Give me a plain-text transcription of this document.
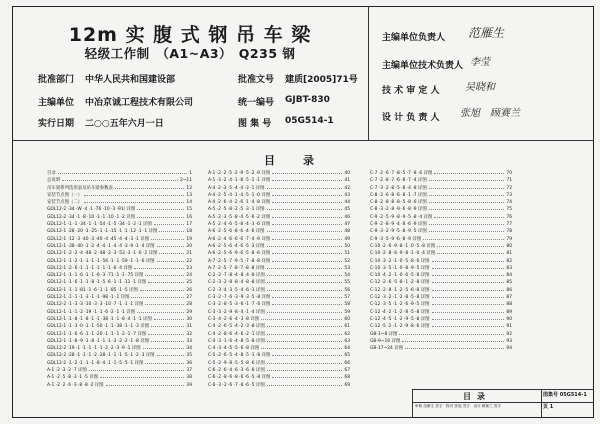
12m 实 腹 式 钢 吊 车 梁
轻级工作制　（A1~A3）　Q235 钢
批准部门 中华人民共和国建设部	批准文号 建质[2005]71号
主编单位 中冶京诚工程技术有限公司	统一编号 GJBT-830
实行日期 二○○五年六月一日	图 集 号 05G514-1
主编单位负责人 范雁生
主编单位技术负责人 李莹
技 术 审 定 人	吴晓和
设 计 负 责 人 张旭　顾赛兰
目录
目录	1
总说明	2~11
吊车梁系列选用表及吊车梁参数表	12
安装节点图（一）	13
安装节点图（二）	14
GDL12-2 ·34 ·W ·4 ·1 ·76 ·10 ·3 ·91/ 详图	15
GDL12-2 ·34 ·1 ·8 ·10 ·1 ·1 ·10 ·1 ·2 详图	16
GDL12-1 ·1 ·1 ·34 ·1 ·1 ·54 ·1 ·5 ·34 ·1 ·2 ·1 详图	17
GDL12-1 ·28 ·20 ·1 ·25 ·1 ·1 ·15 ·1 ·1 ·12 ·1 ·1 详图	18
GDL12-1 ·12 ·3 ·40 ·3 ·40 ·4 ·45 ·4 ·4 ·3 ·1 详图	19
GDL12-1 ·38 ·40 ·1 ·2 ·4 ·4 ·1 ·4 ·4 ·3 ·9 ·1 ·4 详图	20
GDL12-1 ·2 ·2 ·4 ·48 ·2 ·48 ·2 ·3 ·53 ·3 ·1 ·0 ·2 详图	21
GDL12-1 ·1 ·2 ·1 ·1 ·1 ·1 ·56 ·1 ·1 ·59 ·1 ·1 ·6 详图	22
GDL12-1 ·2 ·6 ·1 ·1 ·1 ·1 ·1 ·1 ·6 ·4 详图	23
GDL12-1 ·1 ·1 ·6 ·1 ·1 ·6 ·3 ·71 ·1 ·1 ·75 详图	24
GDL12-1 ·1 ·6 ·1 ·1 ·8 ·1 ·5 ·6 ·1 ·1 ·11 ·1 详图	25
GDL12-1 ·1 ·1 ·81 ·1 ·6 ·1 ·1 ·85 ·1 ·5 详图	26
GDL12-1 ·1 ·1 ·1 ·3 ·1 ·1 ·98 ·1 ·1 详图	27
GDL12-2 ·1 ·3 ·3 ·10 ·3 ·3 ·10 ·7 ·1 ·1 ·1 详图	28
GDL12-1 ·1 ·1 ·2 ·19 ·1 ·1 ·6 ·2 ·1 ·1 详图	29
GDL12-1 ·1 ·8 ·1 ·8 ·1 ·1 ·38 ·1 ·1 ·8 ·4 ·1 ·1 详图	30
GDL12-1 ·1 ·3 ·0 ·1 ·1 ·50 ·1 ·1 ·38 ·1 ·1 ·3 详图	31
GDL12-1 ·1 ·6 ·6 ·1 ·1 ·20 ·1 ·1 ·1 ·2 ·1 ·7 详图	32
GDL12-1 ·1 ·8 ·9 ·1 ·8 ·1 ·1 ·1 ·3 ·2 ·2 ·1 ·8 详图	33
GDL12-2 ·19 ·1 ·1 ·1 ·1 ·1 ·2 ·2 ·3 ·9 ·1 详图	34
GDL12-2 ·28 ·1 ·1 ·1 ·2 ·28 ·1 ·1 ·1 ·5 ·1 ·2 ·3 详图	35
GDL12-2 ·1 ·2 ·1 ·1 ·1 ·8 ·4 ·1 ·1 ·5 ·5 ·1 详图	36
A-1 ·2 ·3 ·2 ·7 详图	37
A-1 ·2 ·5 ·8 ·3 ·1 ·5 详图	38
A-1 ·2 ·2 ·6 ·3 ·8 ·8 ·2 详图	39
A-1 ·2 ·2 ·5 ·2 ·9 ·5 ·2 ·9 详图	40
A-1 ·3 ·2 ·4 ·1 ·8 ·5 ·1 ·1 详图	41
A-4 ·2 ·3 ·5 ·4 ·4 ·3 ·1 详图	42
A-4 ·2 ·5 ·4 ·1 ·4 ·5 ·1 ·0 详图	43
A-4 ·2 ·6 ·4 ·2 ·6 ·1 ·4 ·8 详图	44
A-5 ·2 ·5 ·8 ·2 ·5 ·3 ·1 详图	45
A-5 ·2 ·3 ·5 ·8 ·4 ·5 ·6 ·2 详图	46
A-5 ·2 ·4 ·6 ·5 ·8 ·4 ·3 ·6 详图	47
A-6 ·2 ·5 ·6 ·8 ·6 ·4 ·6 详图	48
A-6 ·2 ·4 ·6 ·6 ·6 ·7 ·4 ·9 详图	49
A-6 ·2 ·5 ·6 ·4 ·6 ·5 ·3 详图	50
A-6 ·2 ·5 ·6 ·9 ·6 ·5 ·8 ·6 详图	51
A-7 ·2 ·5 ·7 ·9 ·5 ·7 ·8 ·8 详图	52
A-7 ·2 ·5 ·7 ·8 ·7 ·8 ·8 详图	53
C-2 ·2 ·7 ·8 ·4 ·8 ·4 ·8 详图	54
C-2 ·3 ·2 ·8 ·8 ·4 ·8 ·8 详图	55
C-2 ·3 ·4 ·3 ·5 ·4 ·6 ·1 详图	56
C-3 ·2 ·7 ·6 ·3 ·9 ·3 ·5 ·8 详图	57
C-3 ·2 ·8 ·5 ·3 ·6 ·1 ·7 ·6 详图	58
C-3 ·3 ·2 ·9 ·8 ·4 ·1 ·4 详图	59
C-3 ·4 ·2 ·6 ·4 ·3 ·8 详图	60
C-4 ·2 ·6 ·5 ·4 ·2 ·3 ·8 详图	61
C-4 ·2 ·8 ·6 ·4 ·6 ·2 ·1 详图	62
C-4 ·3 ·1 ·6 ·4 ·8 ·5 ·8 详图	63
C-4 ·3 ·4 ·5 ·5 ·6 ·8 详图	64
C-5 ·2 ·6 ·5 ·4 ·8 ·5 ·1 ·8 详图	65
C-5 ·2 ·9 ·8 ·5 ·5 ·8 ·6 详图	66
C-6 ·2 ·6 ·4 ·6 ·3 ·6 ·8 详图	67
C-6 ·2 ·8 ·6 ·8 ·6 ·6 ·5 ·8 详图	68
C-6 ·3 ·2 ·6 ·7 ·8 ·6 ·5 详图	69
C-7 ·2 ·6 ·7 ·8 ·5 ·7 ·8 ·6 详图	70
C-7 ·2 ·8 ·7 ·6 ·8 ·7 ·4 详图	71
C-7 ·3 ·2 ·8 ·5 ·8 ·4 ·8 详图	72
C-8 ·2 ·6 ·8 ·6 ·8 ·1 ·7 详图	73
C-8 ·2 ·8 ·8 ·8 ·5 ·8 ·6 详图	74
C-8 ·3 ·2 ·8 ·9 ·6 ·8 ·9 详图	75
C-9 ·2 ·5 ·9 ·8 ·9 ·5 ·8 ·4 详图	76
C-9 ·2 ·8 ·9 ·4 ·8 ·6 ·9 详图	77
C-9 ·3 ·2 ·9 ·5 ·8 ·9 ·5 详图	78
C-9 ·3 ·5 ·9 ·6 ·8 ·9 详图	79
C-10 ·2 ·6 ·9 ·8 ·1 ·0 ·5 ·8 详图	80
C-10 ·2 ·8 ·6 ·9 ·8 ·1 ·0 ·4 详图	81
C-10 ·3 ·2 ·1 ·0 ·5 ·8 ·6 详图	82
C-10 ·3 ·5 ·1 ·0 ·8 ·9 ·5 详图	83
C-10 ·4 ·2 ·1 ·0 ·6 ·5 ·8 详图	84
C-12 ·2 ·6 ·5 ·8 ·1 ·2 ·8 详图	85
C-12 ·2 ·8 ·1 ·2 ·5 ·6 ·8 详图	86
C-12 ·3 ·2 ·1 ·2 ·8 ·5 ·8 详图	87
C-12 ·3 ·5 ·1 ·2 ·6 ·9 ·5 详图	88
C-12 ·4 ·2 ·1 ·2 ·8 ·5 ·8 详图	89
C-12 ·4 ·5 ·1 ·2 ·9 ·5 ·8 详图	90
C-12 ·5 ·2 ·1 ·2 ·9 ·8 ·6 详图	91
GB-1~8 详图	92
GB-9~16 详图	93
GB-17~24 详图	94
目录	图集号 05G514-1
页 1
审核 范雁生 签字　校对 张旭 签字　设计 顾赛兰 签字
